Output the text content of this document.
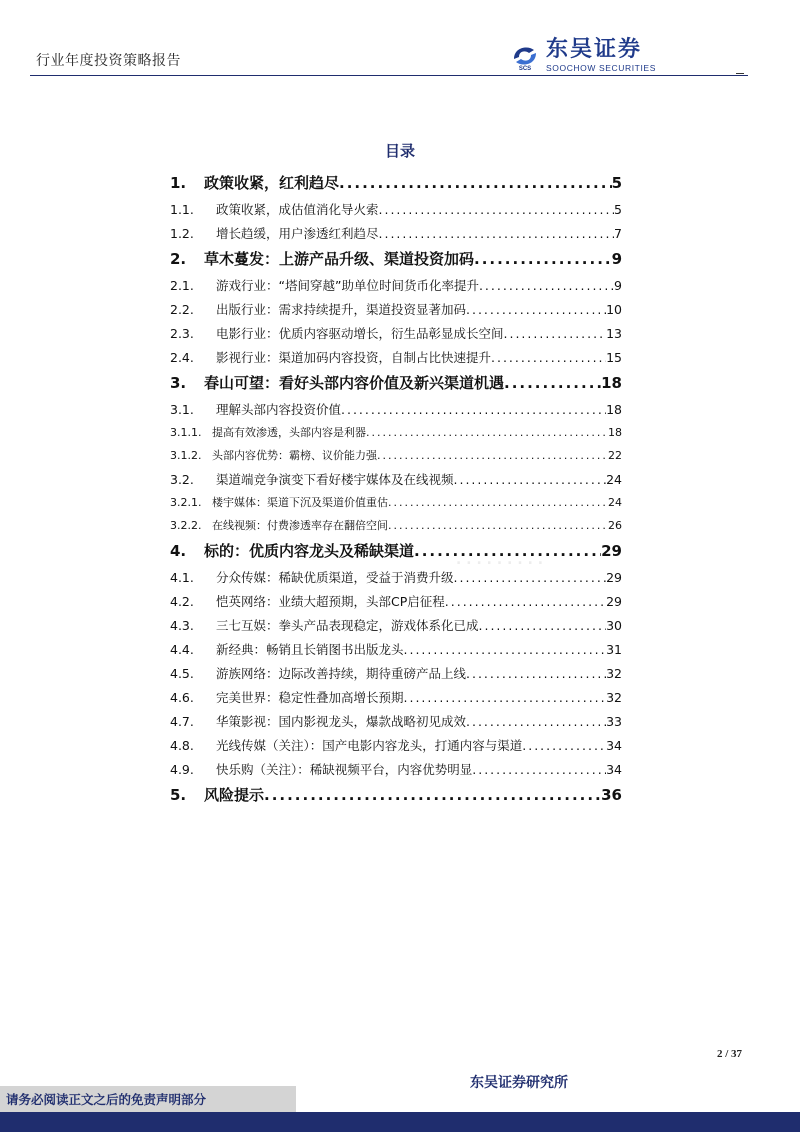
行业年度投资策略报告	SCS
东吴证券
SOOCHOW SECURITIES
目录
1.	政策收紧，红利趋尽 .....	5
1.1.	政策收紧，成估值消化导火索 .....	5
1.2.	增长趋缓，用户渗透红利趋尽 .....	7
2.	草木蔓发：上游产品升级、渠道投资加码 .....	9
2.1.	游戏行业：“塔间穿越”助单位时间货币化率提升 .....	9
2.2.	出版行业：需求持续提升，渠道投资显著加码 .....	10
2.3.	电影行业：优质内容驱动增长，衍生品彰显成长空间 .....	13
2.4.	影视行业：渠道加码内容投资，自制占比快速提升 .....	15
3.	春山可望：看好头部内容价值及新兴渠道机遇 .....	18
3.1.	理解头部内容投资价值 .....	18
3.1.1. 提高有效渗透，头部内容是利器 .....	18
3.1.2. 头部内容优势：霸榜、议价能力强 .....	22
3.2.	渠道端竞争演变下看好楼宇媒体及在线视频 .....	24
3.2.1. 楼宇媒体：渠道下沉及渠道价值重估 .....	24
3.2.2. 在线视频：付费渗透率存在翻倍空间 .....	26
4.	标的：优质内容龙头及稀缺渠道 .....	29
4.1.	分众传媒：稀缺优质渠道，受益于消费升级 .....	29
4.2.	恺英网络：业绩大超预期，头部CP启征程 .....	29
4.3.	三七互娱：拳头产品表现稳定，游戏体系化已成 .....	30
4.4.	新经典：畅销且长销图书出版龙头 .....	31
4.5.	游族网络：边际改善持续，期待重磅产品上线 .....	32
4.6.	完美世界：稳定性叠加高增长预期 .....	32
4.7.	华策影视：国内影视龙头，爆款战略初见成效 .....	33
4.8.	光线传媒（关注）：国产电影内容龙头，打通内容与渠道 .....	34
4.9.	快乐购（关注）：稀缺视频平台，内容优势明显 .....	34
5.	风险提示 .....	36
.........
2 / 37
东吴证券研究所
请务必阅读正文之后的免责声明部分
